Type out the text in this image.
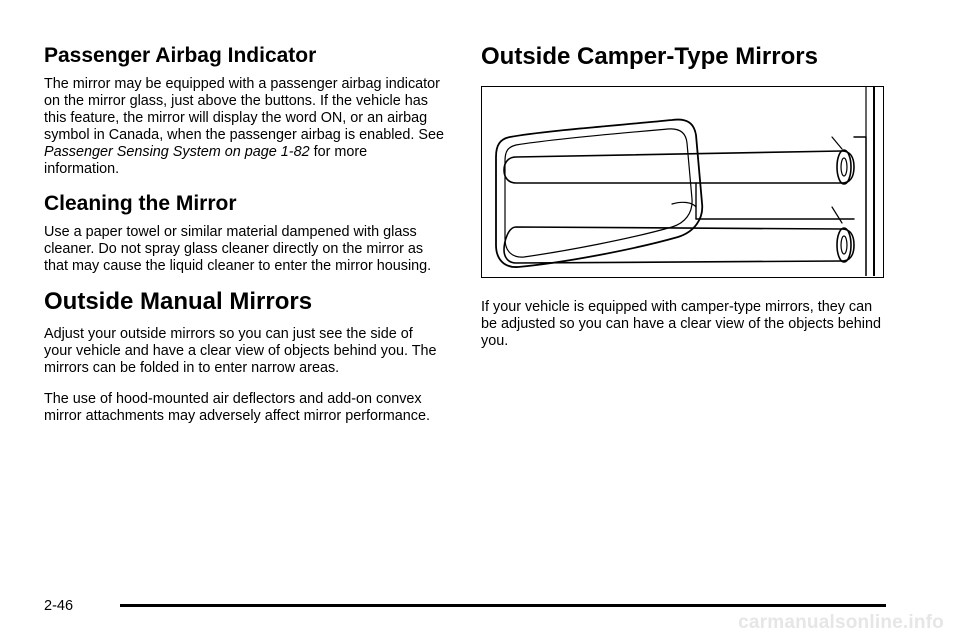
Passenger Airbag Indicator

The mirror may be equipped with a passenger airbag indicator on the mirror glass, just above the buttons. If the vehicle has this feature, the mirror will display the word ON, or an airbag symbol in Canada, when the passenger airbag is enabled. See Passenger Sensing System on page 1-82 for more information.

Cleaning the Mirror

Use a paper towel or similar material dampened with glass cleaner. Do not spray glass cleaner directly on the mirror as that may cause the liquid cleaner to enter the mirror housing.

Outside Manual Mirrors

Adjust your outside mirrors so you can just see the side of your vehicle and have a clear view of objects behind you. The mirrors can be folded in to enter narrow areas.

The use of hood-mounted air deflectors and add-on convex mirror attachments may adversely affect mirror performance.

Outside Camper-Type Mirrors

If your vehicle is equipped with camper-type mirrors, they can be adjusted so you can have a clear view of the objects behind you.

2-46
carmanualsonline.info
